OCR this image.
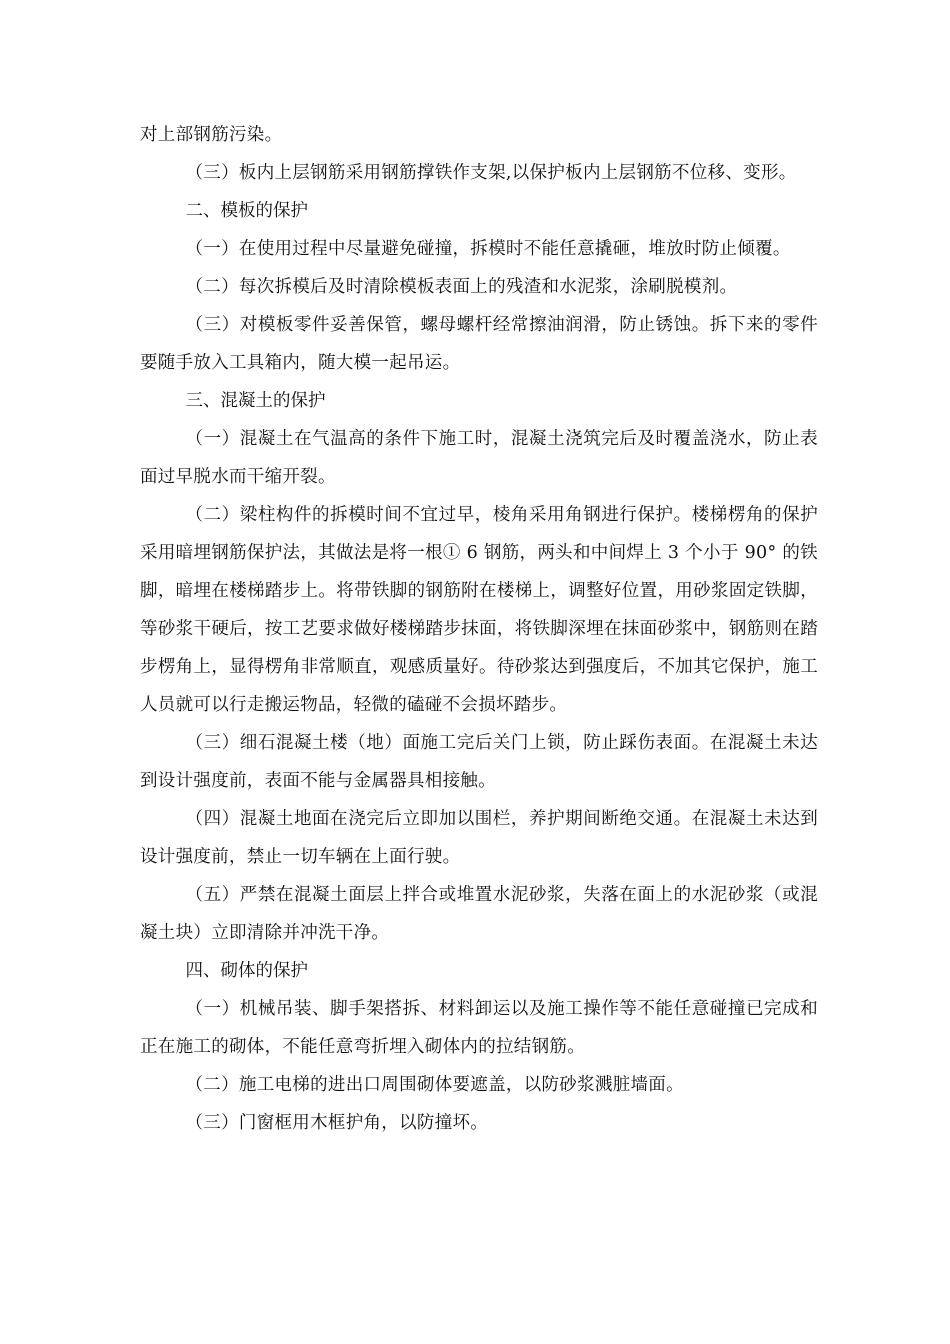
对上部钢筋污染。

（三）板内上层钢筋采用钢筋撑铁作支架,以保护板内上层钢筋不位移、变形。

二、模板的保护

（一）在使用过程中尽量避免碰撞，拆模时不能任意撬砸，堆放时防止倾覆。

（二）每次拆模后及时清除模板表面上的残渣和水泥浆，涂刷脱模剂。

（三）对模板零件妥善保管，螺母螺杆经常擦油润滑，防止锈蚀。拆下来的零件要随手放入工具箱内，随大模一起吊运。

三、混凝土的保护

（一）混凝土在气温高的条件下施工时，混凝土浇筑完后及时覆盖浇水，防止表面过早脱水而干缩开裂。

（二）梁柱构件的拆模时间不宜过早，棱角采用角钢进行保护。楼梯楞角的保护采用暗埋钢筋保护法，其做法是将一根① 6 钢筋，两头和中间焊上 3 个小于 90° 的铁脚，暗埋在楼梯踏步上。将带铁脚的钢筋附在楼梯上，调整好位置，用砂浆固定铁脚，等砂浆干硬后，按工艺要求做好楼梯踏步抹面，将铁脚深埋在抹面砂浆中，钢筋则在踏步楞角上，显得楞角非常顺直，观感质量好。待砂浆达到强度后，不加其它保护，施工人员就可以行走搬运物品，轻微的磕碰不会损坏踏步。

（三）细石混凝土楼（地）面施工完后关门上锁，防止踩伤表面。在混凝土未达到设计强度前，表面不能与金属器具相接触。

（四）混凝土地面在浇完后立即加以围栏，养护期间断绝交通。在混凝土未达到设计强度前，禁止一切车辆在上面行驶。

（五）严禁在混凝土面层上拌合或堆置水泥砂浆，失落在面上的水泥砂浆（或混凝土块）立即清除并冲洗干净。

四、砌体的保护

（一）机械吊装、脚手架搭拆、材料卸运以及施工操作等不能任意碰撞已完成和正在施工的砌体，不能任意弯折埋入砌体内的拉结钢筋。

（二）施工电梯的进出口周围砌体要遮盖，以防砂浆溅脏墙面。

（三）门窗框用木框护角，以防撞坏。
